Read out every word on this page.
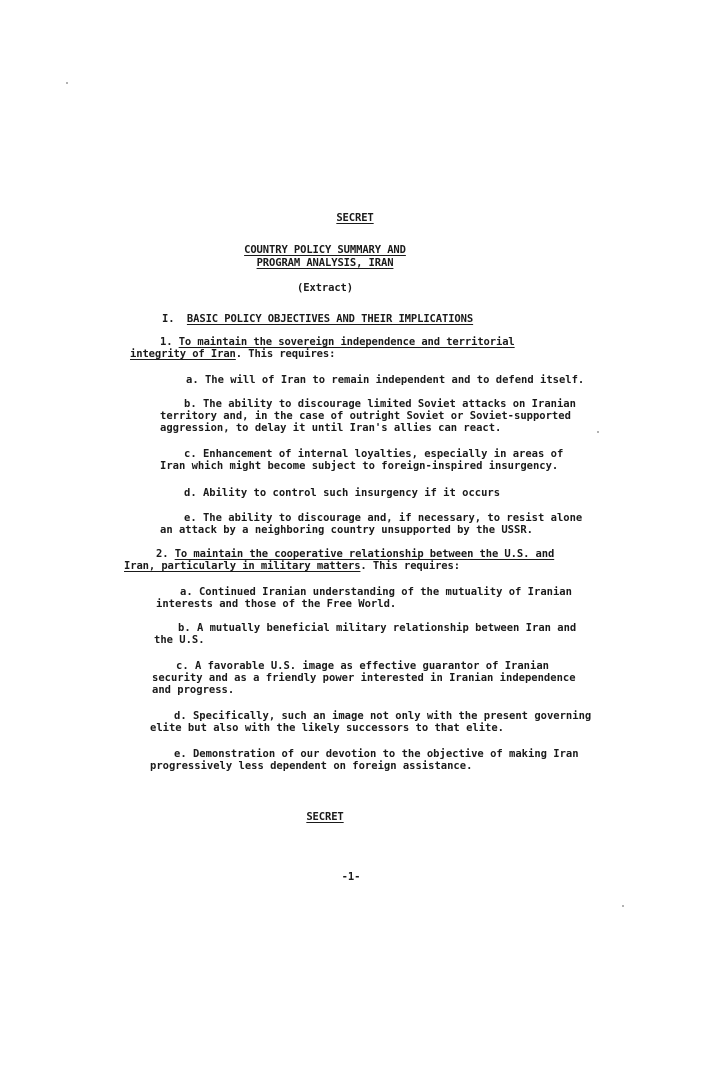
SECRET
COUNTRY POLICY SUMMARY AND
PROGRAM ANALYSIS, IRAN
(Extract)
I. BASIC POLICY OBJECTIVES AND THEIR IMPLICATIONS
1. To maintain the sovereign independence and territorial
integrity of Iran. This requires:
a. The will of Iran to remain independent and to defend itself.
b. The ability to discourage limited Soviet attacks on Iranian
territory and, in the case of outright Soviet or Soviet-supported
aggression, to delay it until Iran's allies can react.
c. Enhancement of internal loyalties, especially in areas of
Iran which might become subject to foreign-inspired insurgency.
d. Ability to control such insurgency if it occurs
e. The ability to discourage and, if necessary, to resist alone
an attack by a neighboring country unsupported by the USSR.
2. To maintain the cooperative relationship between the U.S. and
Iran, particularly in military matters. This requires:
a. Continued Iranian understanding of the mutuality of Iranian
interests and those of the Free World.
b. A mutually beneficial military relationship between Iran and
the U.S.
c. A favorable U.S. image as effective guarantor of Iranian
security and as a friendly power interested in Iranian independence
and progress.
d. Specifically, such an image not only with the present governing
elite but also with the likely successors to that elite.
e. Demonstration of our devotion to the objective of making Iran
progressively less dependent on foreign assistance.
SECRET
-1-
